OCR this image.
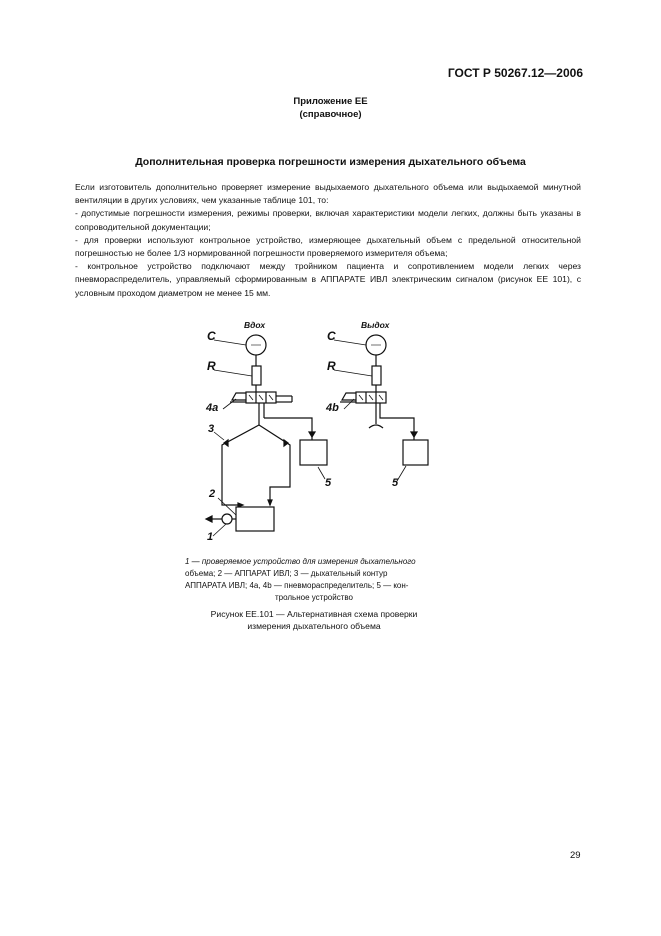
ГОСТ Р 50267.12—2006
Приложение ЕЕ
(справочное)
Дополнительная проверка погрешности измерения дыхательного объема

Если изготовитель дополнительно проверяет измерение выдыхаемого дыхательного объема или выдыхаемой минутной вентиляции в других условиях, чем указанные таблице 101, то:

- допустимые погрешности измерения, режимы проверки, включая характеристики модели легких, должны быть указаны в сопроводительной документации;

- для проверки используют контрольное устройство, измеряющее дыхательный объем с предельной относительной погрешностью не более 1/3 нормированной погрешности проверяемого измерителя объема;

- контрольное устройство подключают между тройником пациента и сопротивлением модели легких через пневмораспределитель, управляемый сформированным в АППАРАТЕ ИВЛ электрическим сигналом (рисунок ЕЕ 101), с условным проходом диаметром не менее 15 мм.

Вдох	Выдох
C
R
C
R
4а	4b
3
2
1
5	5
1 — проверяемое устройство для измерения дыхательного
объема; 2 — АППАРАТ ИВЛ; 3 — дыхательный контур
АППАРАТА ИВЛ; 4а, 4b — пневмораспределитель; 5 — кон-
трольное устройство
Рисунок ЕЕ.101 — Альтернативная схема проверки
измерения дыхательного объема
29
